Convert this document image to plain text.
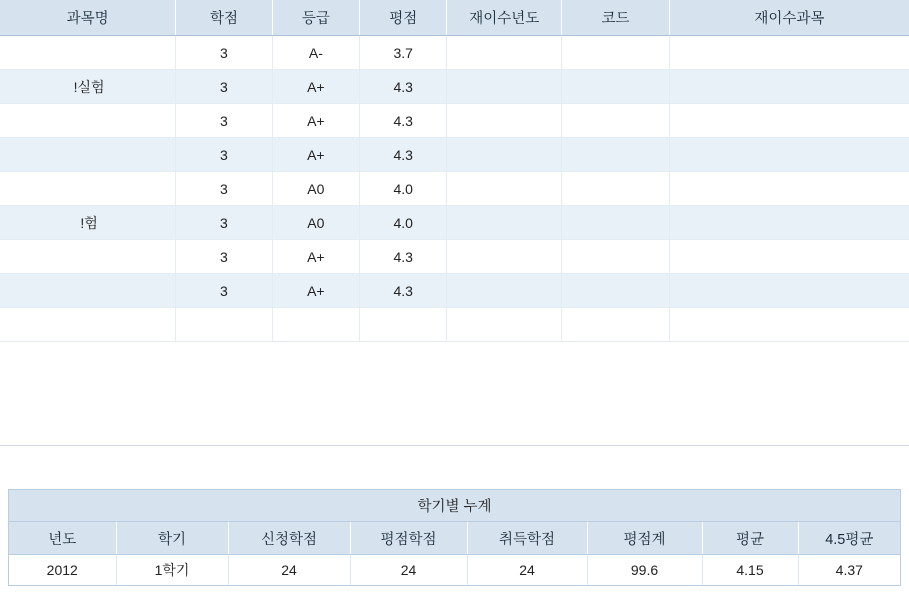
과목명	학점	등급	평점	재이수년도	코드	재이수과목
	3	A-	3.7			
!실험	3	A+	4.3			
	3	A+	4.3			
	3	A+	4.3			
	3	A0	4.0			
!험	3	A0	4.0			
	3	A+	4.3			
	3	A+	4.3			

학기별 누계							
년도	학기	신청학점	평점학점	취득학점	평점계	평균	4.5평균
2012	1학기	24	24	24	99.6	4.15	4.37
